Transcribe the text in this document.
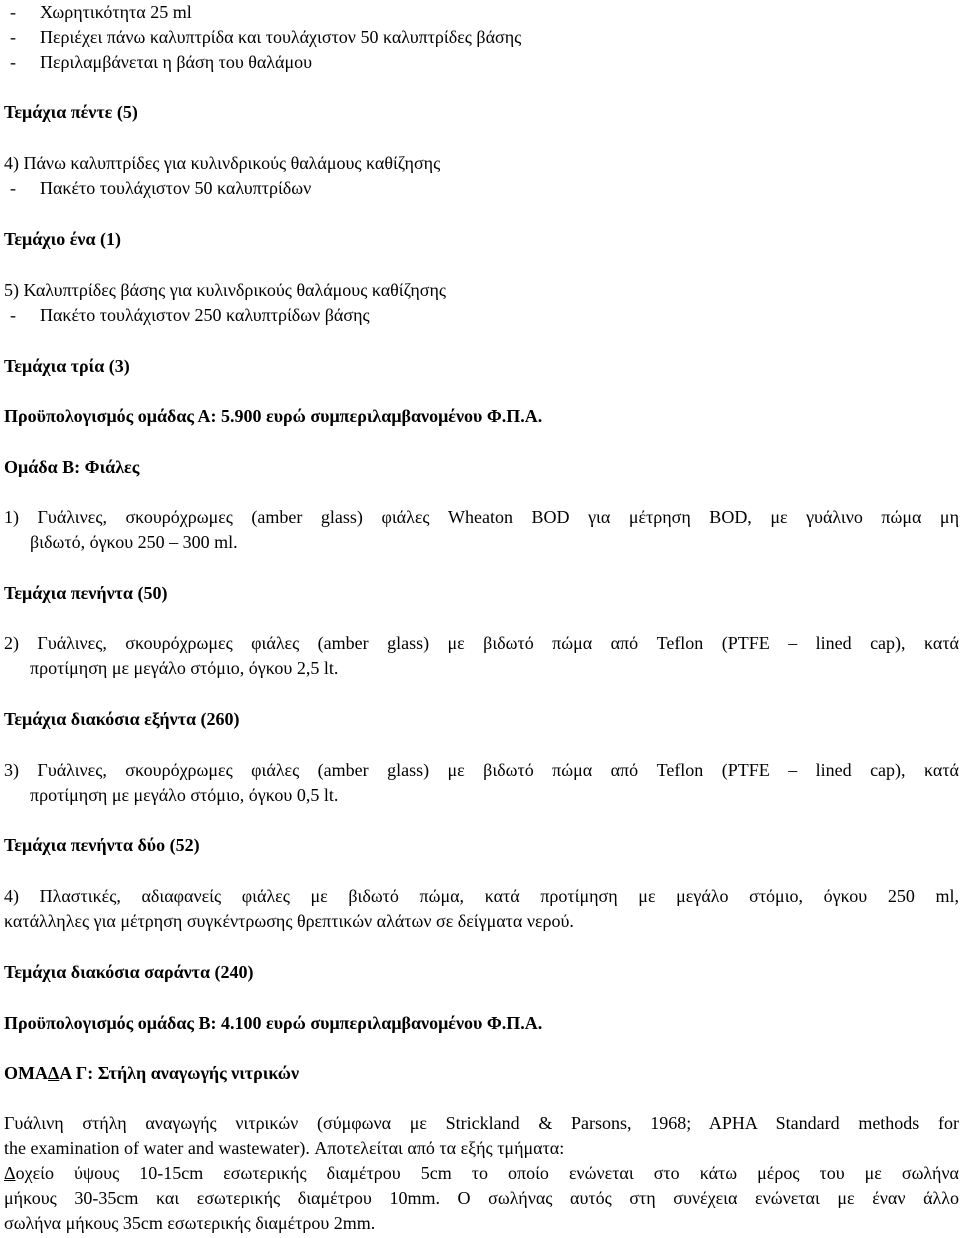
- Χωρητικότητα 25 ml
- Περιέχει πάνω καλυπτρίδα και τουλάχιστον 50 καλυπτρίδες βάσης
- Περιλαμβάνεται η βάση του θαλάμου
Τεμάχια πέντε (5)
4) Πάνω καλυπτρίδες για κυλινδρικούς θαλάμους καθίζησης
- Πακέτο τουλάχιστον 50 καλυπτρίδων
Τεμάχιο ένα (1)
5) Καλυπτρίδες βάσης για κυλινδρικούς θαλάμους καθίζησης
- Πακέτο τουλάχιστον 250 καλυπτρίδων βάσης
Τεμάχια τρία (3)
Προϋπολογισμός ομάδας Α: 5.900 ευρώ συμπεριλαμβανομένου Φ.Π.Α.
Ομάδα Β: Φιάλες
1) Γυάλινες, σκουρόχρωμες (amber glass) φιάλες Wheaton BOD για μέτρηση BOD, με γυάλινο πώμα μη
βιδωτό, όγκου 250 – 300 ml.
Τεμάχια πενήντα (50)
2) Γυάλινες, σκουρόχρωμες φιάλες (amber glass) με βιδωτό πώμα από Teflon (PTFE – lined cap), κατά
προτίμηση με μεγάλο στόμιο, όγκου 2,5 lt.
Τεμάχια διακόσια εξήντα (260)
3) Γυάλινες, σκουρόχρωμες φιάλες (amber glass) με βιδωτό πώμα από Teflon (PTFE – lined cap), κατά
προτίμηση με μεγάλο στόμιο, όγκου 0,5 lt.
Τεμάχια πενήντα δύο (52)
4) Πλαστικές, αδιαφανείς φιάλες με βιδωτό πώμα, κατά προτίμηση με μεγάλο στόμιο, όγκου 250 ml,
κατάλληλες για μέτρηση συγκέντρωσης θρεπτικών αλάτων σε δείγματα νερού.
Τεμάχια διακόσια σαράντα (240)
Προϋπολογισμός ομάδας Β: 4.100 ευρώ συμπεριλαμβανομένου Φ.Π.Α.
ΟΜΑΔΑ Γ: Στήλη αναγωγής νιτρικών
Γυάλινη στήλη αναγωγής νιτρικών (σύμφωνα με Strickland & Parsons, 1968; APHA Standard methods for
the examination of water and wastewater). Αποτελείται από τα εξής τμήματα:
Δοχείο ύψους 10-15cm εσωτερικής διαμέτρου 5cm το οποίο ενώνεται στο κάτω μέρος του με σωλήνα
μήκους 30-35cm και εσωτερικής διαμέτρου 10mm. Ο σωλήνας αυτός στη συνέχεια ενώνεται με έναν άλλο
σωλήνα μήκους 35cm εσωτερικής διαμέτρου 2mm.
